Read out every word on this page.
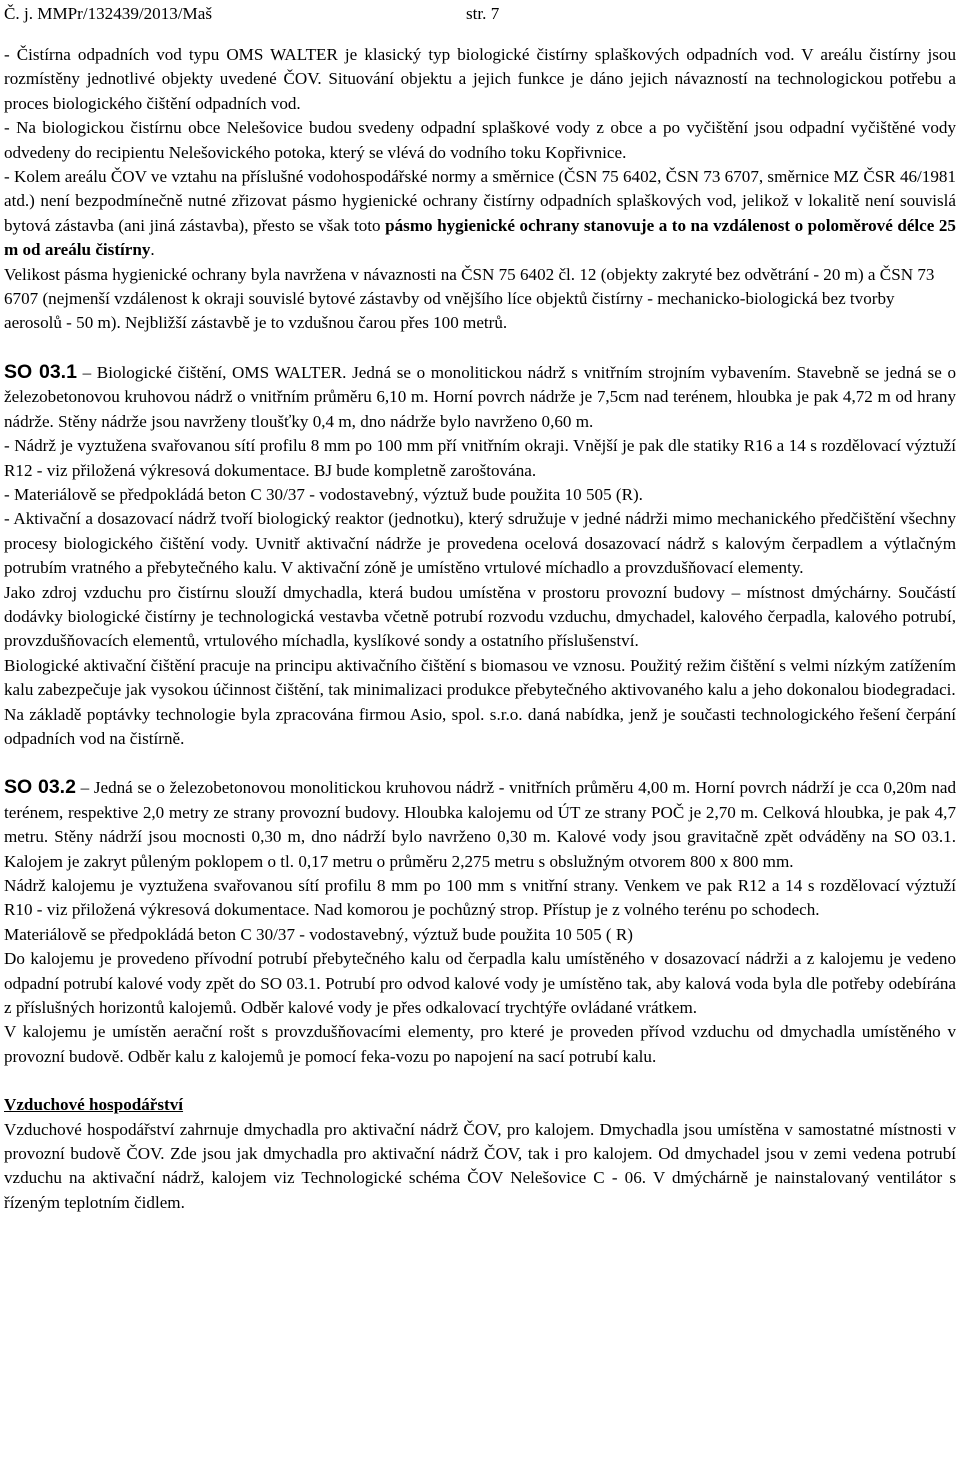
Č. j. MMPr/132439/2013/Maš	str. 7

- Čistírna odpadních vod typu OMS WALTER je klasický typ biologické čistírny splaškových odpadních vod. V areálu čistírny jsou rozmístěny jednotlivé objekty uvedené ČOV. Situování objektu a jejich funkce je dáno jejich návazností na technologickou potřebu a proces biologického čištění odpadních vod.

- Na biologickou čistírnu obce Nelešovice budou svedeny odpadní splaškové vody z obce a po vyčištění jsou odpadní vyčištěné vody odvedeny do recipientu Nelešovického potoka, který se vlévá do vodního toku Kopřivnice.

- Kolem areálu ČOV ve vztahu na příslušné vodohospodářské normy a směrnice (ČSN 75 6402, ČSN 73 6707, směrnice MZ ČSR 46/1981 atd.) není bezpodmínečně nutné zřizovat pásmo hygienické ochrany čistírny odpadních splaškových vod, jelikož v lokalitě není souvislá bytová zástavba (ani jiná zástavba), přesto se však toto pásmo hygienické ochrany stanovuje a to na vzdálenost o poloměrové délce 25 m od areálu čistírny.

Velikost pásma hygienické ochrany byla navržena v návaznosti na ČSN 75 6402 čl. 12 (objekty zakryté bez odvětrání - 20 m) a ČSN 73 6707 (nejmenší vzdálenost k okraji souvislé bytové zástavby od vnějšího líce objektů čistírny - mechanicko-biologická bez tvorby aerosolů - 50 m). Nejbližší zástavbě je to vzdušnou čarou přes 100 metrů.

SO 03.1 – Biologické čištění, OMS WALTER. Jedná se o monolitickou nádrž s vnitřním strojním vybavením. Stavebně se jedná se o železobetonovou kruhovou nádrž o vnitřním průměru 6,10 m. Horní povrch nádrže je 7,5cm nad terénem, hloubka je pak 4,72 m od hrany nádrže. Stěny nádrže jsou navrženy tloušťky 0,4 m, dno nádrže bylo navrženo 0,60 m.

- Nádrž je vyztužena svařovanou sítí profilu 8 mm po 100 mm pří vnitřním okraji. Vnější je pak dle statiky R16 a 14 s rozdělovací výztuží R12 - viz přiložená výkresová dokumentace. BJ bude kompletně zaroštována.

- Materiálově se předpokládá beton C 30/37 - vodostavebný, výztuž bude použita 10 505 (R).

- Aktivační a dosazovací nádrž tvoří biologický reaktor (jednotku), který sdružuje v jedné nádrži mimo mechanického předčištění všechny procesy biologického čištění vody. Uvnitř aktivační nádrže je provedena ocelová dosazovací nádrž s kalovým čerpadlem a výtlačným potrubím vratného a přebytečného kalu. V aktivační zóně je umístěno vrtulové míchadlo a provzdušňovací elementy.

Jako zdroj vzduchu pro čistírnu slouží dmychadla, která budou umístěna v prostoru provozní budovy – místnost dmýchárny. Součástí dodávky biologické čistírny je technologická vestavba včetně potrubí rozvodu vzduchu, dmychadel, kalového čerpadla, kalového potrubí, provzdušňovacích elementů, vrtulového míchadla, kyslíkové sondy a ostatního příslušenství.

Biologické aktivační čištění pracuje na principu aktivačního čištění s biomasou ve vznosu. Použitý režim čištění s velmi nízkým zatížením kalu zabezpečuje jak vysokou účinnost čištění, tak minimalizaci produkce přebytečného aktivovaného kalu a jeho dokonalou biodegradaci.

Na základě poptávky technologie byla zpracována firmou Asio, spol. s.r.o. daná nabídka, jenž je současti technologického řešení čerpání odpadních vod na čistírně.

SO 03.2 – Jedná se o železobetonovou monolitickou kruhovou nádrž - vnitřních průměru 4,00 m. Horní povrch nádrží je cca 0,20m nad terénem, respektive 2,0 metry ze strany provozní budovy. Hloubka kalojemu od ÚT ze strany POČ je 2,70 m. Celková hloubka, je pak 4,7 metru. Stěny nádrží jsou mocnosti 0,30 m, dno nádrží bylo navrženo 0,30 m. Kalové vody jsou gravitačně zpět odváděny na SO 03.1. Kalojem je zakryt půleným poklopem o tl. 0,17 metru o průměru 2,275 metru s obslužným otvorem 800 x 800 mm.

Nádrž kalojemu je vyztužena svařovanou sítí profilu 8 mm po 100 mm s vnitřní strany. Venkem ve pak R12 a 14 s rozdělovací výztuží R10 - viz přiložená výkresová dokumentace. Nad komorou je pochůzný strop. Přístup je z volného terénu po schodech.

Materiálově se předpokládá beton C 30/37 - vodostavebný, výztuž bude použita 10 505 ( R)

Do kalojemu je provedeno přívodní potrubí přebytečného kalu od čerpadla kalu umístěného v dosazovací nádrži a z kalojemu je vedeno odpadní potrubí kalové vody zpět do SO 03.1. Potrubí pro odvod kalové vody je umístěno tak, aby kalová voda byla dle potřeby odebírána z příslušných horizontů kalojemů. Odběr kalové vody je přes odkalovací trychtýře ovládané vrátkem.

V kalojemu je umístěn aerační rošt s provzdušňovacími elementy, pro které je proveden přívod vzduchu od dmychadla umístěného v provozní budově. Odběr kalu z kalojemů je pomocí feka-vozu po napojení na sací potrubí kalu.

Vzduchové hospodářství

Vzduchové hospodářství zahrnuje dmychadla pro aktivační nádrž ČOV, pro kalojem. Dmychadla jsou umístěna v samostatné místnosti v provozní budově ČOV. Zde jsou jak dmychadla pro aktivační nádrž ČOV, tak i pro kalojem. Od dmychadel jsou v zemi vedena potrubí vzduchu na aktivační nádrž, kalojem viz Technologické schéma ČOV Nelešovice C - 06. V dmýchárně je nainstalovaný ventilátor s řízeným teplotním čidlem.
